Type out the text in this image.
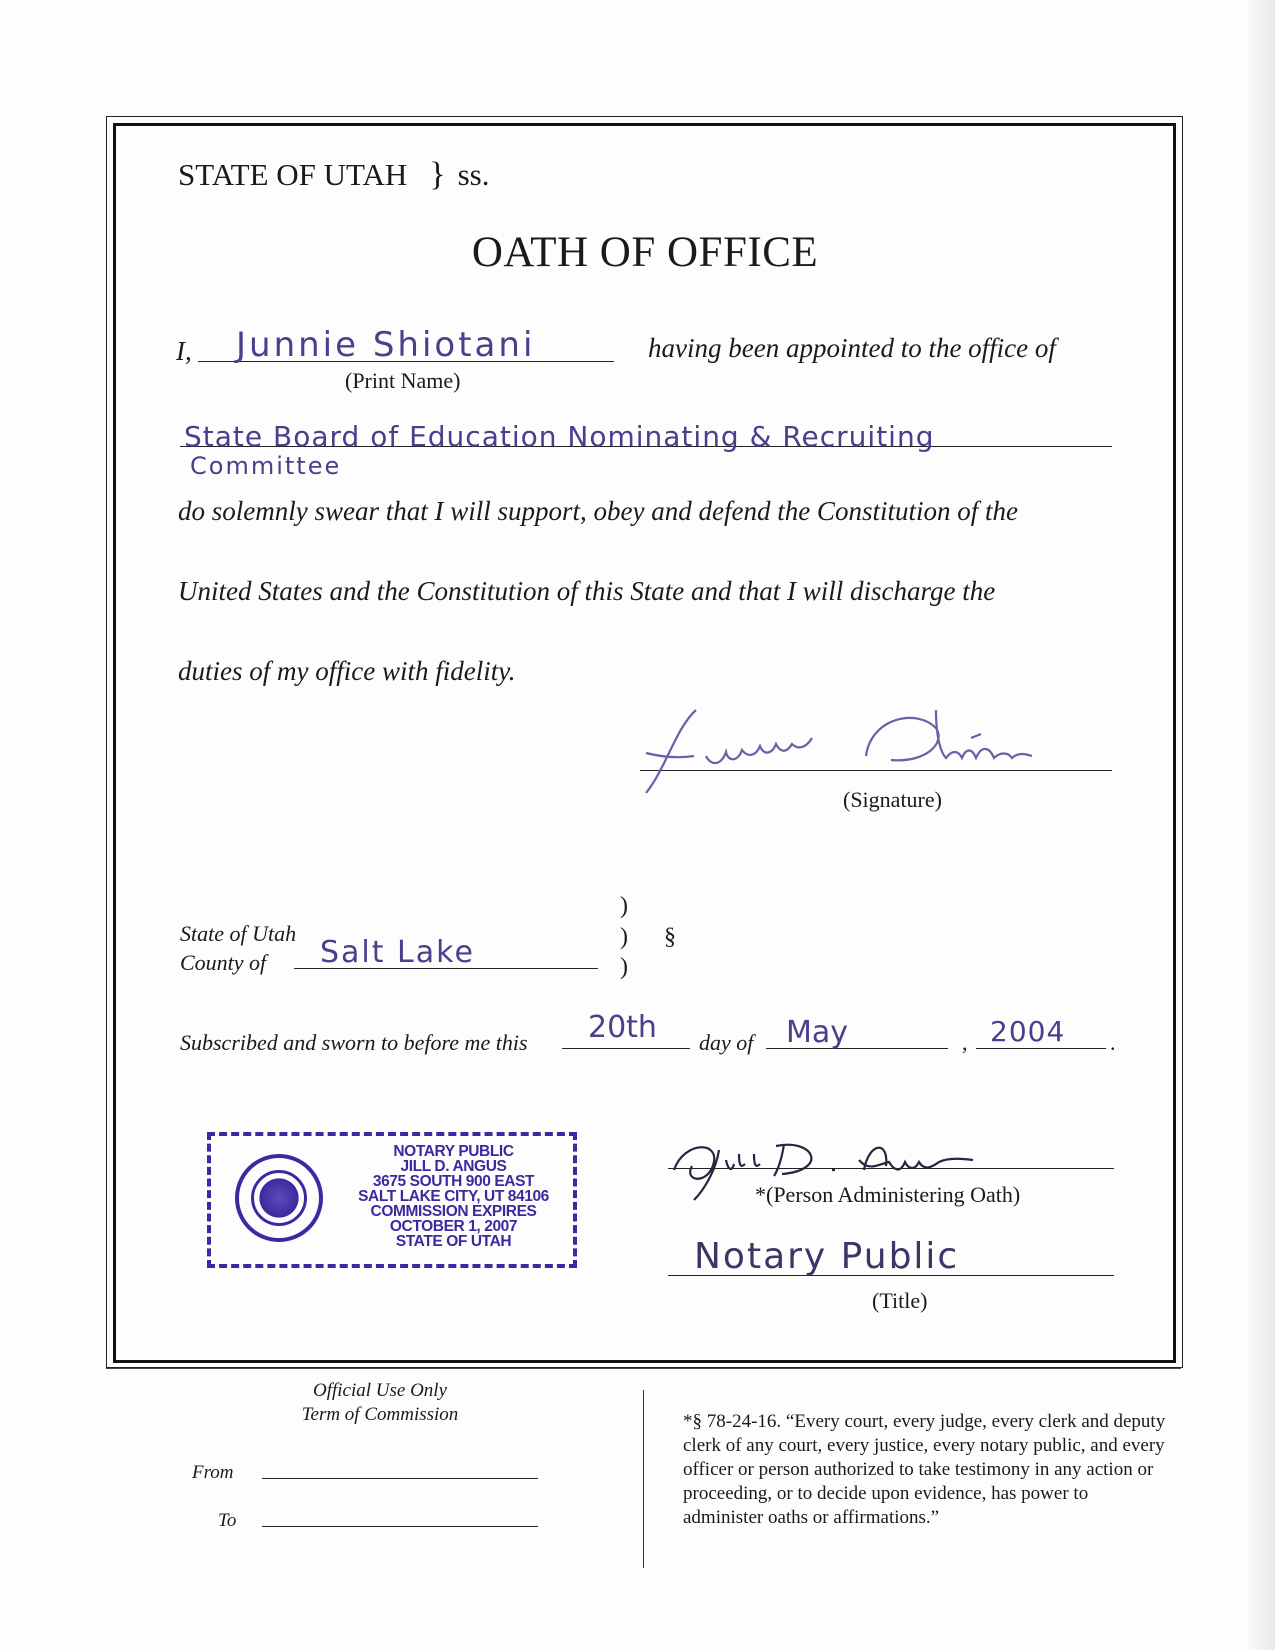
STATE OF UTAH } ss.
OATH OF OFFICE
I, Junnie Shiotani
(Print Name)
having been appointed to the office of
State Board of Education Nominating & Recruiting
Committee
do solemnly swear that I will support, obey and defend the Constitution of the
United States and the Constitution of this State and that I will discharge the
duties of my office with fidelity.
(Signature)
State of Utah
County of Salt Lake
)
)
)
§
Subscribed and sworn to before me this 20th day of May	, 2004 .
NOTARY PUBLIC
JILL D. ANGUS
3675 SOUTH 900 EAST
SALT LAKE CITY, UT 84106
COMMISSION EXPIRES
OCTOBER 1, 2007
STATE OF UTAH
*(Person Administering Oath)
Notary Public
(Title)
Official Use Only
Term of Commission
From
To
*§ 78-24-16. “Every court, every judge, every clerk and deputy clerk of any court, every justice, every notary public, and every officer or person authorized to take testimony in any action or proceeding, or to decide upon evidence, has power to administer oaths or affirmations.”
